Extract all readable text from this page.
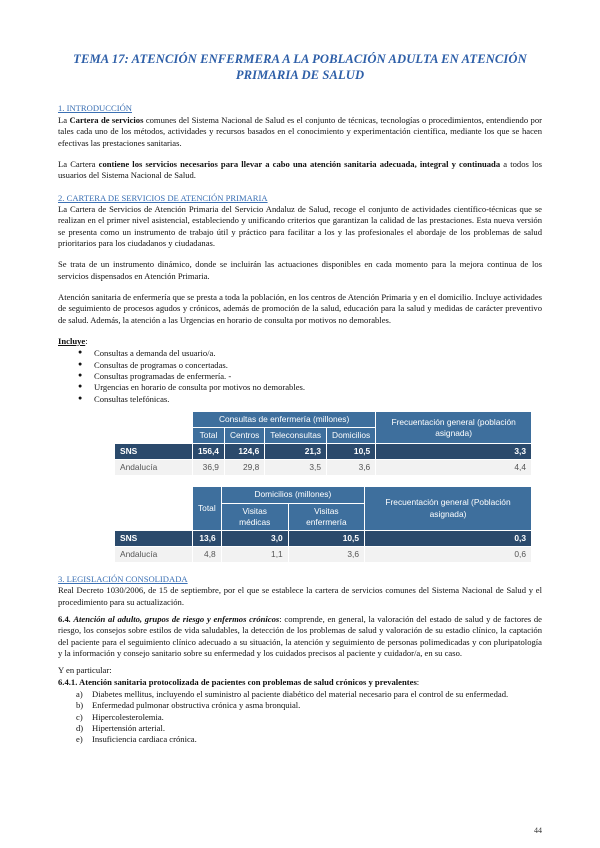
TEMA 17: ATENCIÓN ENFERMERA A LA POBLACIÓN ADULTA EN ATENCIÓN PRIMARIA DE SALUD
1. INTRODUCCIÓN

La Cartera de servicios comunes del Sistema Nacional de Salud es el conjunto de técnicas, tecnologías o procedimientos, entendiendo por tales cada uno de los métodos, actividades y recursos basados en el conocimiento y experimentación científica, mediante los que se hacen efectivas las prestaciones sanitarias.

La Cartera contiene los servicios necesarios para llevar a cabo una atención sanitaria adecuada, integral y continuada a todos los usuarios del Sistema Nacional de Salud.

2. CARTERA DE SERVICIOS DE ATENCIÓN PRIMARIA

La Cartera de Servicios de Atención Primaria del Servicio Andaluz de Salud, recoge el conjunto de actividades científico-técnicas que se realizan en el primer nivel asistencial, estableciendo y unificando criterios que garantizan la calidad de las prestaciones. Esta nueva versión se presenta como un instrumento de trabajo útil y práctico para facilitar a los y las profesionales el abordaje de los problemas de salud prioritarios para los ciudadanos y ciudadanas.

Se trata de un instrumento dinámico, donde se incluirán las actuaciones disponibles en cada momento para la mejora continua de los servicios dispensados en Atención Primaria.

Atención sanitaria de enfermería que se presta a toda la población, en los centros de Atención Primaria y en el domicilio. Incluye actividades de seguimiento de procesos agudos y crónicos, además de promoción de la salud, educación para la salud y medidas de carácter preventivo de salud. Además, la atención a las Urgencias en horario de consulta por motivos no demorables.

Incluye:

● Consultas a demanda del usuario/a.
● Consultas de programas o concertadas.
● Consultas programadas de enfermería. -
● Urgencias en horario de consulta por motivos no demorables.
● Consultas telefónicas.
	Consultas de enfermería (millones)				Frecuentación general (población asignada)
	Total	Centros	Teleconsultas	Domicilios	
SNS	156,4	124,6	21,3	10,5	3,3
Andalucía	36,9	29,8	3,5	3,6	4,4
	Total	Domicilios (millones)		Frecuentación general (Población asignada)
		Visitas médicas	Visitas enfermería	
SNS	13,6	3,0	10,5	0,3
Andalucía	4,8	1,1	3,6	0,6
3. LEGISLACIÓN CONSOLIDADA

Real Decreto 1030/2006, de 15 de septiembre, por el que se establece la cartera de servicios comunes del Sistema Nacional de Salud y el procedimiento para su actualización.

6.4. Atención al adulto, grupos de riesgo y enfermos crónicos: comprende, en general, la valoración del estado de salud y de factores de riesgo, los consejos sobre estilos de vida saludables, la detección de los problemas de salud y valoración de su estadio clínico, la captación del paciente para el seguimiento clínico adecuado a su situación, la atención y seguimiento de personas polimedicadas y con pluripatología y la información y consejo sanitario sobre su enfermedad y los cuidados precisos al paciente y cuidador/a, en su caso.

Y en particular:

6.4.1. Atención sanitaria protocolizada de pacientes con problemas de salud crónicos y prevalentes:

a) Diabetes mellitus, incluyendo el suministro al paciente diabético del material necesario para el control de su enfermedad.
b) Enfermedad pulmonar obstructiva crónica y asma bronquial.
c) Hipercolesterolemia.
d) Hipertensión arterial.
e) Insuficiencia cardiaca crónica.
44
